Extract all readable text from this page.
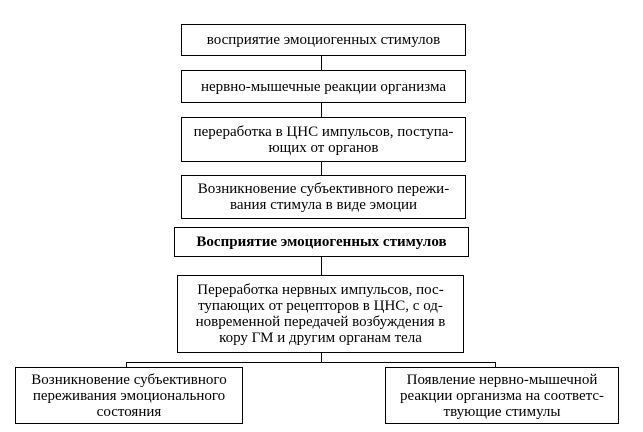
восприятие эмоциогенных стимулов
нервно-мышечные реакции организма
переработка в ЦНС импульсов, поступа-
ющих от органов
Возникновение субъективного пережи-
вания стимула в виде эмоции
Восприятие эмоциогенных стимулов
Переработка нервных импульсов, пос-
тупающих от рецепторов в ЦНС, с од-
новременной передачей возбуждения в
кору ГМ и другим органам тела
Возникновение субъективного
переживания эмоционального
состояния
Появление нервно-мышечной
реакции организма на соответс-
твующие стимулы
